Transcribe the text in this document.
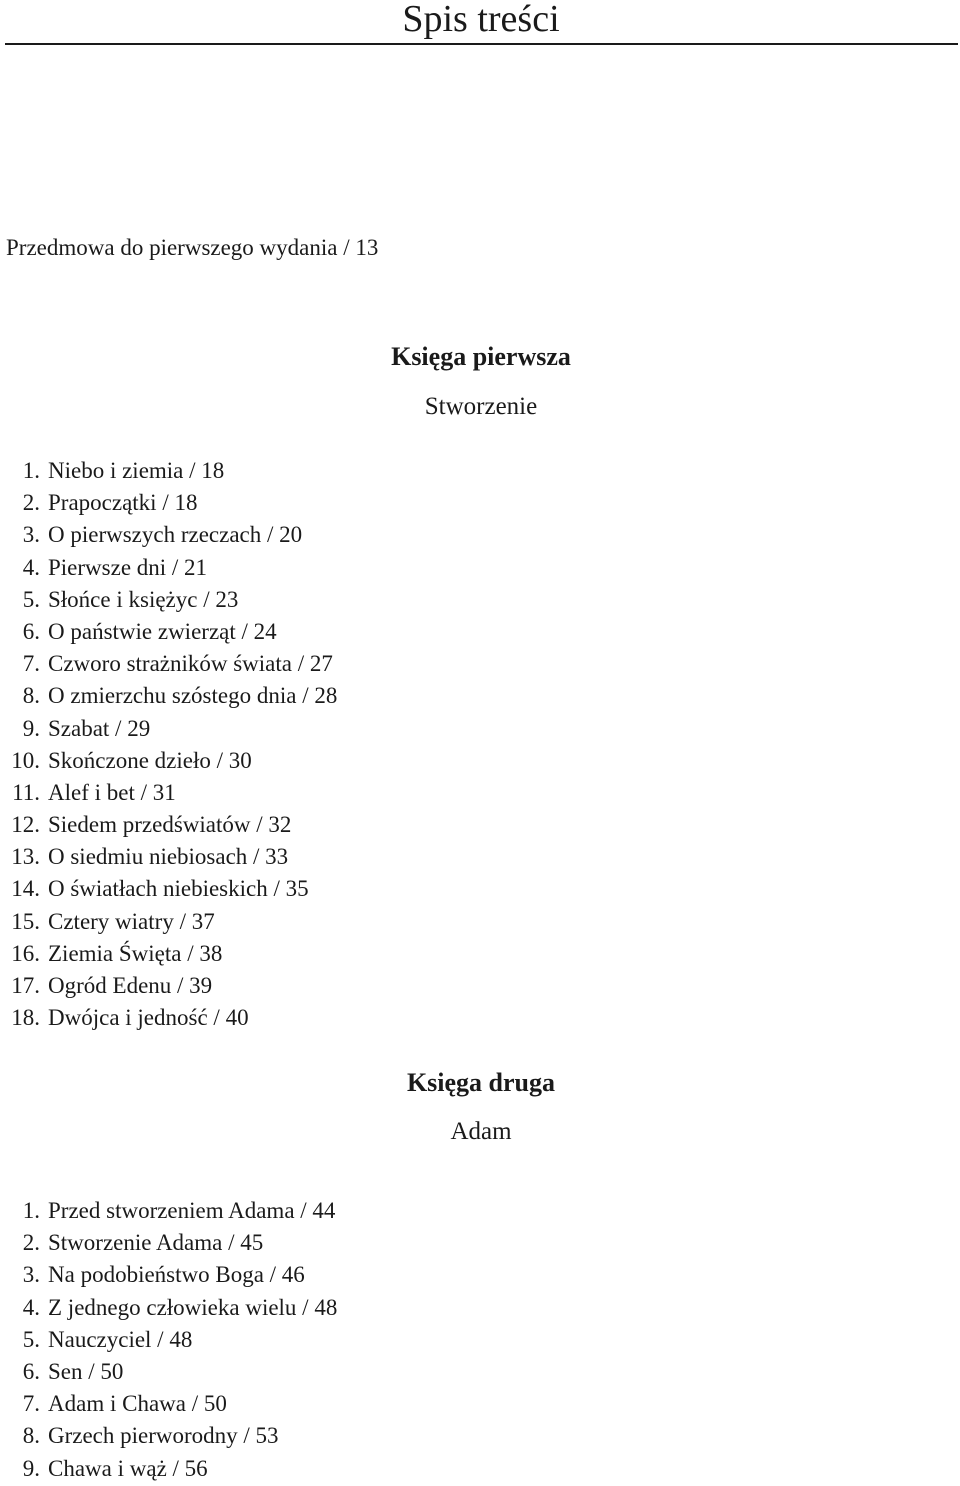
Spis treści
Przedmowa do pierwszego wydania / 13
Księga pierwsza
Stworzenie
1. Niebo i ziemia / 18
2. Prapoczątki / 18
3. O pierwszych rzeczach / 20
4. Pierwsze dni / 21
5. Słońce i księżyc / 23
6. O państwie zwierząt / 24
7. Czworo strażników świata / 27
8. O zmierzchu szóstego dnia / 28
9. Szabat / 29
10. Skończone dzieło / 30
11. Alef i bet / 31
12. Siedem przedświatów / 32
13. O siedmiu niebiosach / 33
14. O światłach niebieskich / 35
15. Cztery wiatry / 37
16. Ziemia Święta / 38
17. Ogród Edenu / 39
18. Dwójca i jedność / 40
Księga druga
Adam
1. Przed stworzeniem Adama / 44
2. Stworzenie Adama / 45
3. Na podobieństwo Boga / 46
4. Z jednego człowieka wielu / 48
5. Nauczyciel / 48
6. Sen / 50
7. Adam i Chawa / 50
8. Grzech pierworodny / 53
9. Chawa i wąż / 56
